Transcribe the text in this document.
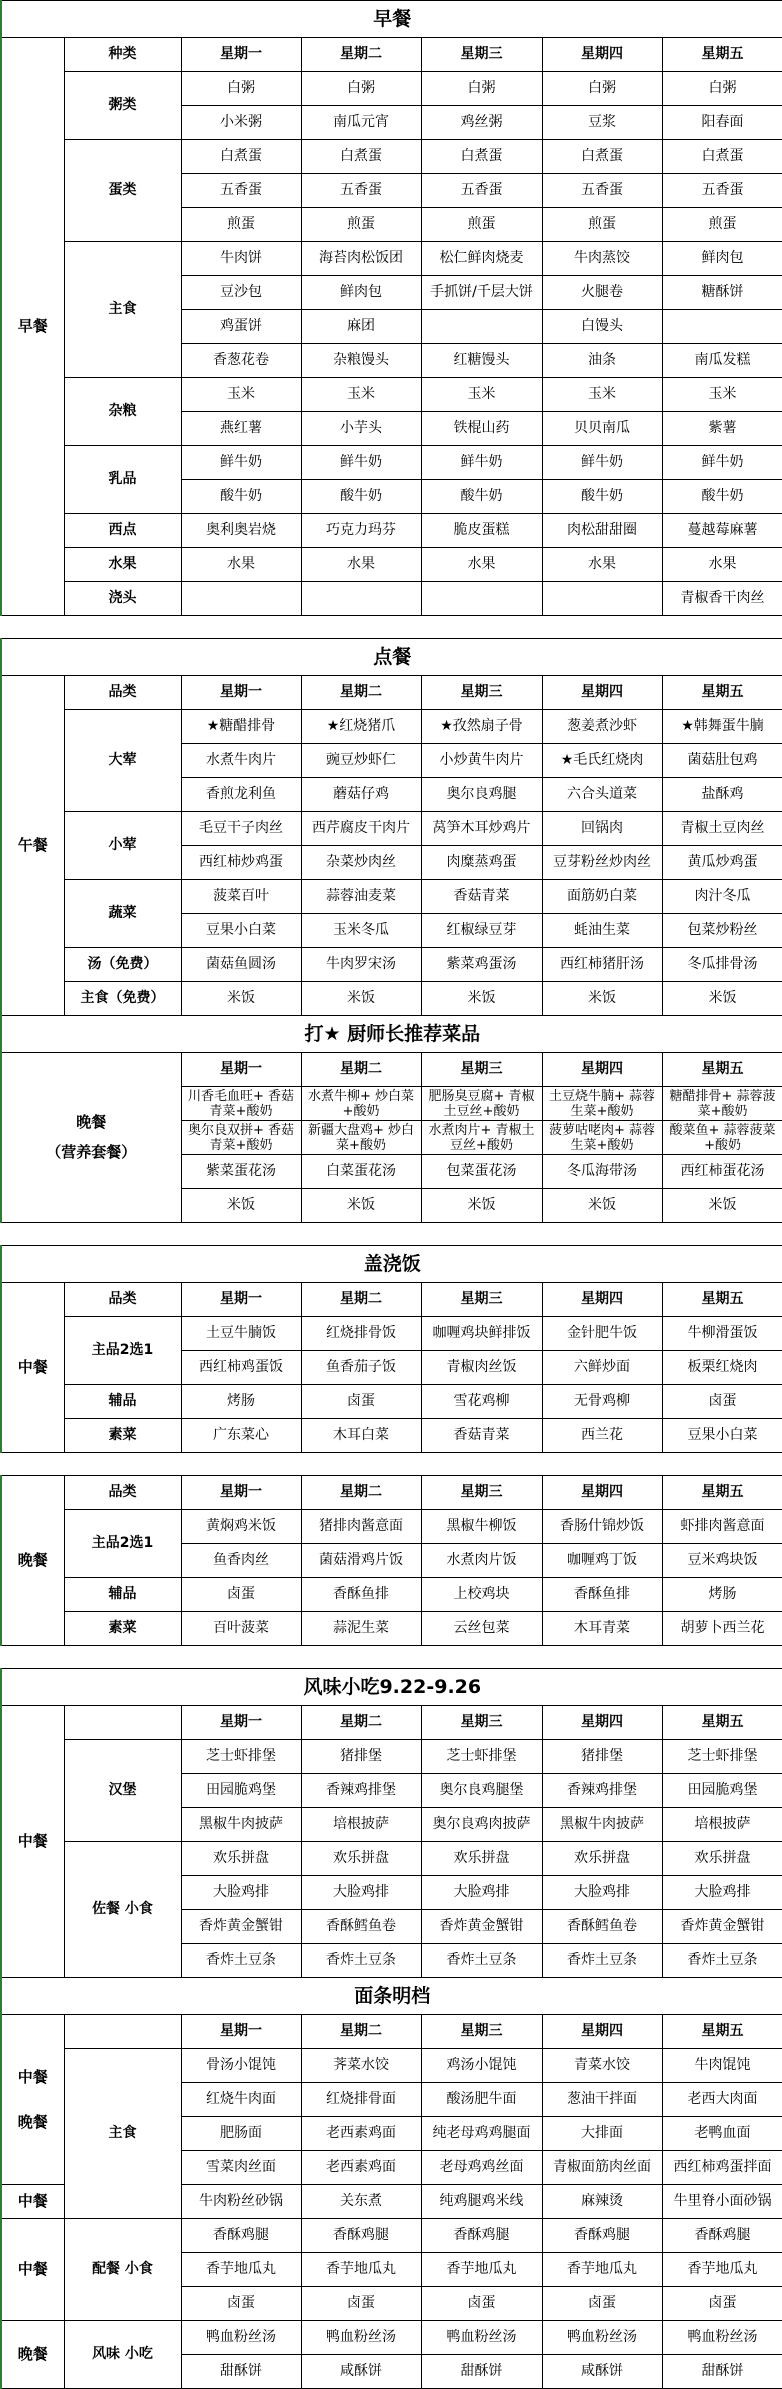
早餐						
早餐	种类	星期一	星期二	星期三	星期四	星期五
	粥类	白粥	白粥	白粥	白粥	白粥
		小米粥	南瓜元宵	鸡丝粥	豆浆	阳春面
	蛋类	白煮蛋	白煮蛋	白煮蛋	白煮蛋	白煮蛋
		五香蛋	五香蛋	五香蛋	五香蛋	五香蛋
		煎蛋	煎蛋	煎蛋	煎蛋	煎蛋
	主食	牛肉饼	海苔肉松饭团	松仁鲜肉烧麦	牛肉蒸饺	鲜肉包
		豆沙包	鲜肉包	手抓饼/千层大饼	火腿卷	糖酥饼
		鸡蛋饼	麻团		白馒头	
		香葱花卷	杂粮馒头	红糖馒头	油条	南瓜发糕
	杂粮	玉米	玉米	玉米	玉米	玉米
		燕红薯	小芋头	铁棍山药	贝贝南瓜	紫薯
	乳品	鲜牛奶	鲜牛奶	鲜牛奶	鲜牛奶	鲜牛奶
		酸牛奶	酸牛奶	酸牛奶	酸牛奶	酸牛奶
	西点	奥利奥岩烧	巧克力玛芬	脆皮蛋糕	肉松甜甜圈	蔓越莓麻薯
	水果	水果	水果	水果	水果	水果
	浇头					青椒香干肉丝

点餐						
午餐	品类	星期一	星期二	星期三	星期四	星期五
	大荤	★糖醋排骨	★红烧猪爪	★孜然扇子骨	葱姜煮沙虾	★韩舞蛋牛腩
		水煮牛肉片	豌豆炒虾仁	小炒黄牛肉片	★毛氏红烧肉	菌菇肚包鸡
		香煎龙利鱼	蘑菇仔鸡	奥尔良鸡腿	六合头道菜	盐酥鸡
	小荤	毛豆干子肉丝	西芹腐皮干肉片	莴笋木耳炒鸡片	回锅肉	青椒土豆肉丝
		西红柿炒鸡蛋	杂菜炒肉丝	肉糜蒸鸡蛋	豆芽粉丝炒肉丝	黄瓜炒鸡蛋
	蔬菜	菠菜百叶	蒜蓉油麦菜	香菇青菜	面筋奶白菜	肉汁冬瓜
		豆果小白菜	玉米冬瓜	红椒绿豆芽	蚝油生菜	包菜炒粉丝
	汤（免费）	菌菇鱼圆汤	牛肉罗宋汤	紫菜鸡蛋汤	西红柿猪肝汤	冬瓜排骨汤
	主食（免费）	米饭	米饭	米饭	米饭	米饭
打★ 厨师长推荐菜品						
晚餐

（营养套餐）		星期一	星期二	星期三	星期四	星期五
		川香毛血旺+ 香菇青菜+酸奶	水煮牛柳+ 炒白菜+酸奶	肥肠臭豆腐+ 青椒土豆丝+酸奶	土豆烧牛腩+ 蒜蓉生菜+酸奶	糖醋排骨+ 蒜蓉菠菜+酸奶
		奥尔良双拼+ 香菇青菜+酸奶	新疆大盘鸡+ 炒白菜+酸奶	水煮肉片+ 青椒土豆丝+酸奶	菠萝咕咾肉+ 蒜蓉生菜+酸奶	酸菜鱼+ 蒜蓉菠菜+酸奶
		紫菜蛋花汤	白菜蛋花汤	包菜蛋花汤	冬瓜海带汤	西红柿蛋花汤
		米饭	米饭	米饭	米饭	米饭

盖浇饭						
中餐	品类	星期一	星期二	星期三	星期四	星期五
	主品2选1	土豆牛腩饭	红烧排骨饭	咖喱鸡块鲜排饭	金针肥牛饭	牛柳滑蛋饭
		西红柿鸡蛋饭	鱼香茄子饭	青椒肉丝饭	六鲜炒面	板栗红烧肉
	辅品	烤肠	卤蛋	雪花鸡柳	无骨鸡柳	卤蛋
	素菜	广东菜心	木耳白菜	香菇青菜	西兰花	豆果小白菜

晚餐	品类	星期一	星期二	星期三	星期四	星期五
	主品2选1	黄焖鸡米饭	猪排肉酱意面	黑椒牛柳饭	香肠什锦炒饭	虾排肉酱意面
		鱼香肉丝	菌菇滑鸡片饭	水煮肉片饭	咖喱鸡丁饭	豆米鸡块饭
	辅品	卤蛋	香酥鱼排	上校鸡块	香酥鱼排	烤肠
	素菜	百叶菠菜	蒜泥生菜	云丝包菜	木耳青菜	胡萝卜西兰花

风味小吃9.22-9.26						
中餐		星期一	星期二	星期三	星期四	星期五
	汉堡	芝士虾排堡	猪排堡	芝士虾排堡	猪排堡	芝士虾排堡
		田园脆鸡堡	香辣鸡排堡	奥尔良鸡腿堡	香辣鸡排堡	田园脆鸡堡
		黑椒牛肉披萨	培根披萨	奥尔良鸡肉披萨	黑椒牛肉披萨	培根披萨
	佐餐 小食	欢乐拼盘	欢乐拼盘	欢乐拼盘	欢乐拼盘	欢乐拼盘
		大脸鸡排	大脸鸡排	大脸鸡排	大脸鸡排	大脸鸡排
		香炸黄金蟹钳	香酥鳕鱼卷	香炸黄金蟹钳	香酥鳕鱼卷	香炸黄金蟹钳
		香炸土豆条	香炸土豆条	香炸土豆条	香炸土豆条	香炸土豆条
面条明档						
中餐

晚餐		星期一	星期二	星期三	星期四	星期五
	主食	骨汤小馄饨	荠菜水饺	鸡汤小馄饨	青菜水饺	牛肉馄饨
		红烧牛肉面	红烧排骨面	酸汤肥牛面	葱油干拌面	老西大肉面
		肥肠面	老西素鸡面	纯老母鸡鸡腿面	大排面	老鸭血面
		雪菜肉丝面	老西素鸡面	老母鸡鸡丝面	青椒面筋肉丝面	西红柿鸡蛋拌面
中餐		牛肉粉丝砂锅	关东煮	纯鸡腿鸡米线	麻辣烫	牛里脊小面砂锅
中餐	配餐 小食	香酥鸡腿	香酥鸡腿	香酥鸡腿	香酥鸡腿	香酥鸡腿
		香芋地瓜丸	香芋地瓜丸	香芋地瓜丸	香芋地瓜丸	香芋地瓜丸
		卤蛋	卤蛋	卤蛋	卤蛋	卤蛋
晚餐	风味 小吃	鸭血粉丝汤	鸭血粉丝汤	鸭血粉丝汤	鸭血粉丝汤	鸭血粉丝汤
		甜酥饼	咸酥饼	甜酥饼	咸酥饼	甜酥饼
